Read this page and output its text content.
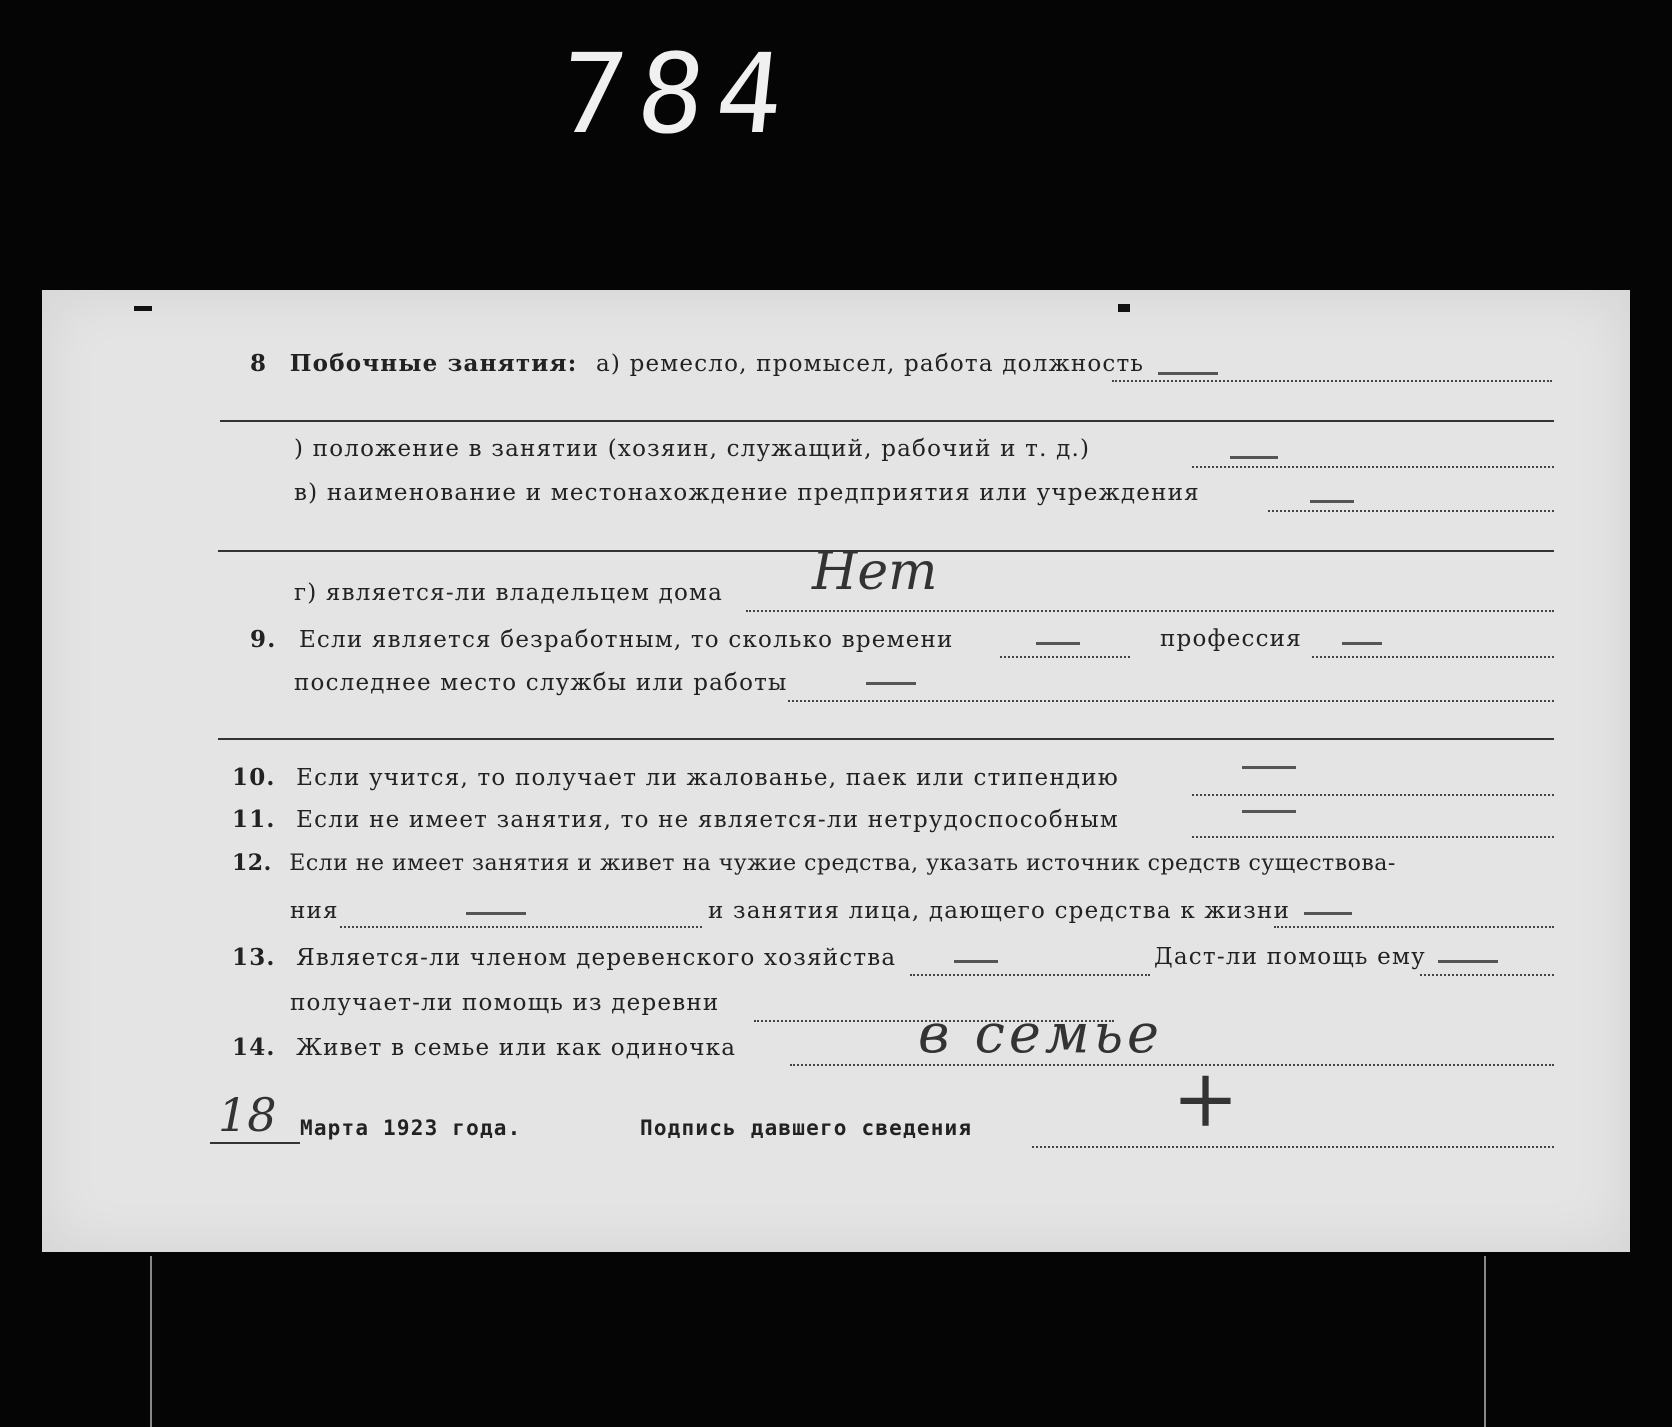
784
8 Побочные занятия: а) ремесло, промысел, работа должность
) положение в занятии (хозяин, служащий, рабочий и т. д.)
в) наименование и местонахождение предприятия или учреждения
г) является-ли владельцем дома Нет
9. Если является безработным, то сколько времени	профессия
последнее место службы или работы
10. Если учится, то получает ли жалованье, паек или стипендию
11. Если не имеет занятия, то не является-ли нетрудоспособным
12. Если не имеет занятия и живет на чужие средства, указать источник средств существова-
ния	и занятия лица, дающего средства к жизни
13. Является-ли членом деревенского хозяйства	Даст-ли помощь ему
получает-ли помощь из деревни
14. Живет в семье или как одиночка	в семье
18 Марта 1923 года.	Подпись давшего сведения +
